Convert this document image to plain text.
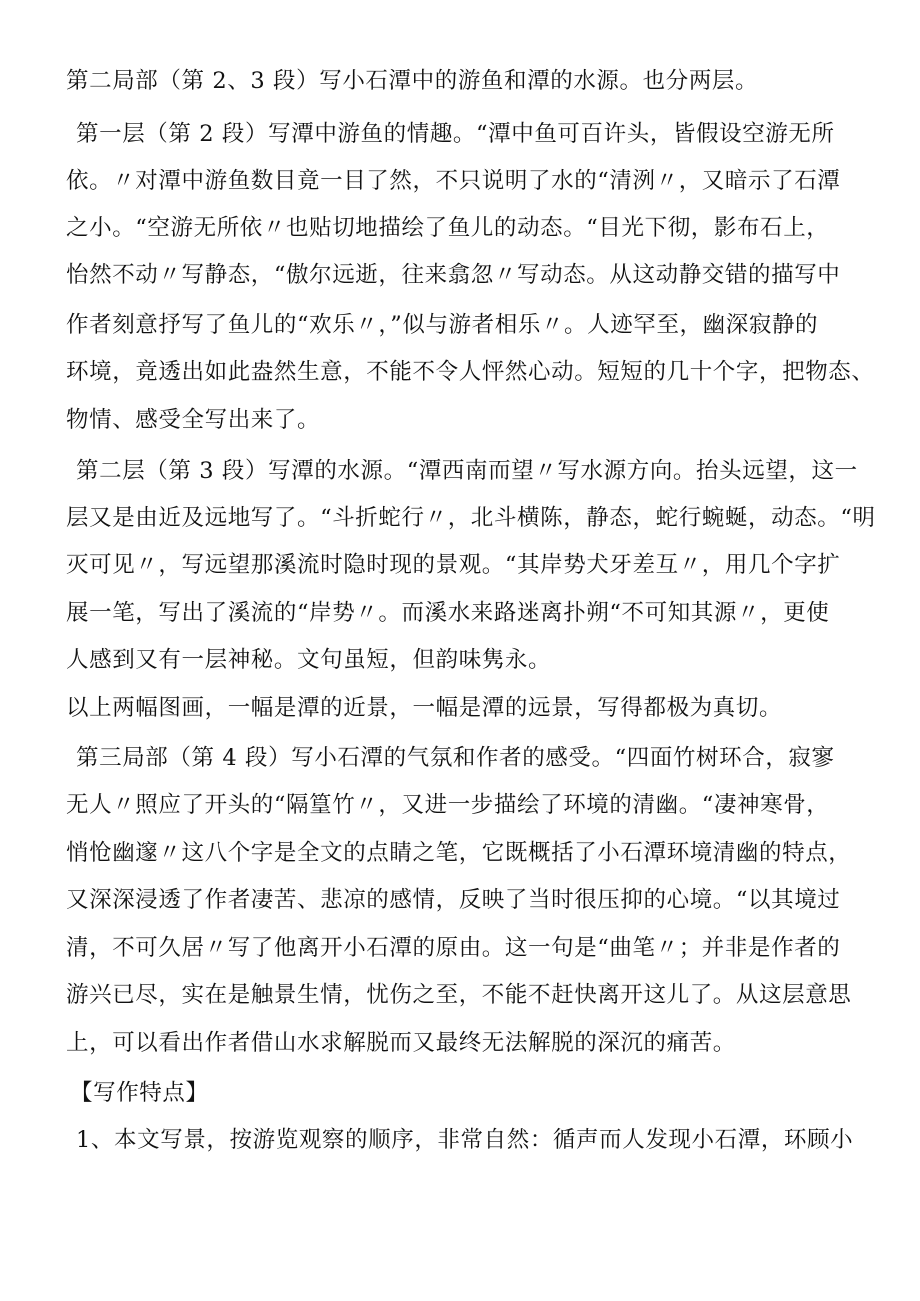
第二局部（第 2、3 段）写小石潭中的游鱼和潭的水源。也分两层。
第一层（第 2 段）写潭中游鱼的情趣。“潭中鱼可百许头，皆假设空游无所
依。〃对潭中游鱼数目竟一目了然，不只说明了水的“清洌〃，又暗示了石潭
之小。“空游无所依〃也贴切地描绘了鱼儿的动态。“目光下彻，影布石上，
怡然不动〃写静态，“傲尔远逝，往来翕忽〃写动态。从这动静交错的描写中
作者刻意抒写了鱼儿的“欢乐〃，”似与游者相乐〃。人迹罕至，幽深寂静的
环境，竟透出如此盎然生意，不能不令人怦然心动。短短的几十个字，把物态、
物情、感受全写出来了。
第二层（第 3 段）写潭的水源。“潭西南而望〃写水源方向。抬头远望，这一
层又是由近及远地写了。“斗折蛇行〃，北斗横陈，静态，蛇行蜿蜒，动态。“明
灭可见〃，写远望那溪流时隐时现的景观。“其岸势犬牙差互〃，用几个字扩
展一笔，写出了溪流的“岸势〃。而溪水来路迷离扑朔“不可知其源〃，更使
人感到又有一层神秘。文句虽短，但韵味隽永。
以上两幅图画，一幅是潭的近景，一幅是潭的远景，写得都极为真切。
第三局部（第 4 段）写小石潭的气氛和作者的感受。“四面竹树环合，寂寥
无人〃照应了开头的“隔篁竹〃，又进一步描绘了环境的清幽。“凄神寒骨，
悄怆幽邃〃这八个字是全文的点睛之笔，它既概括了小石潭环境清幽的特点，
又深深浸透了作者凄苦、悲凉的感情，反映了当时很压抑的心境。“以其境过
清，不可久居〃写了他离开小石潭的原由。这一句是“曲笔〃；并非是作者的
游兴已尽，实在是触景生情，忧伤之至，不能不赶快离开这儿了。从这层意思
上，可以看出作者借山水求解脱而又最终无法解脱的深沉的痛苦。
【写作特点】
1、本文写景，按游览观察的顺序，非常自然：循声而人发现小石潭，环顾小
